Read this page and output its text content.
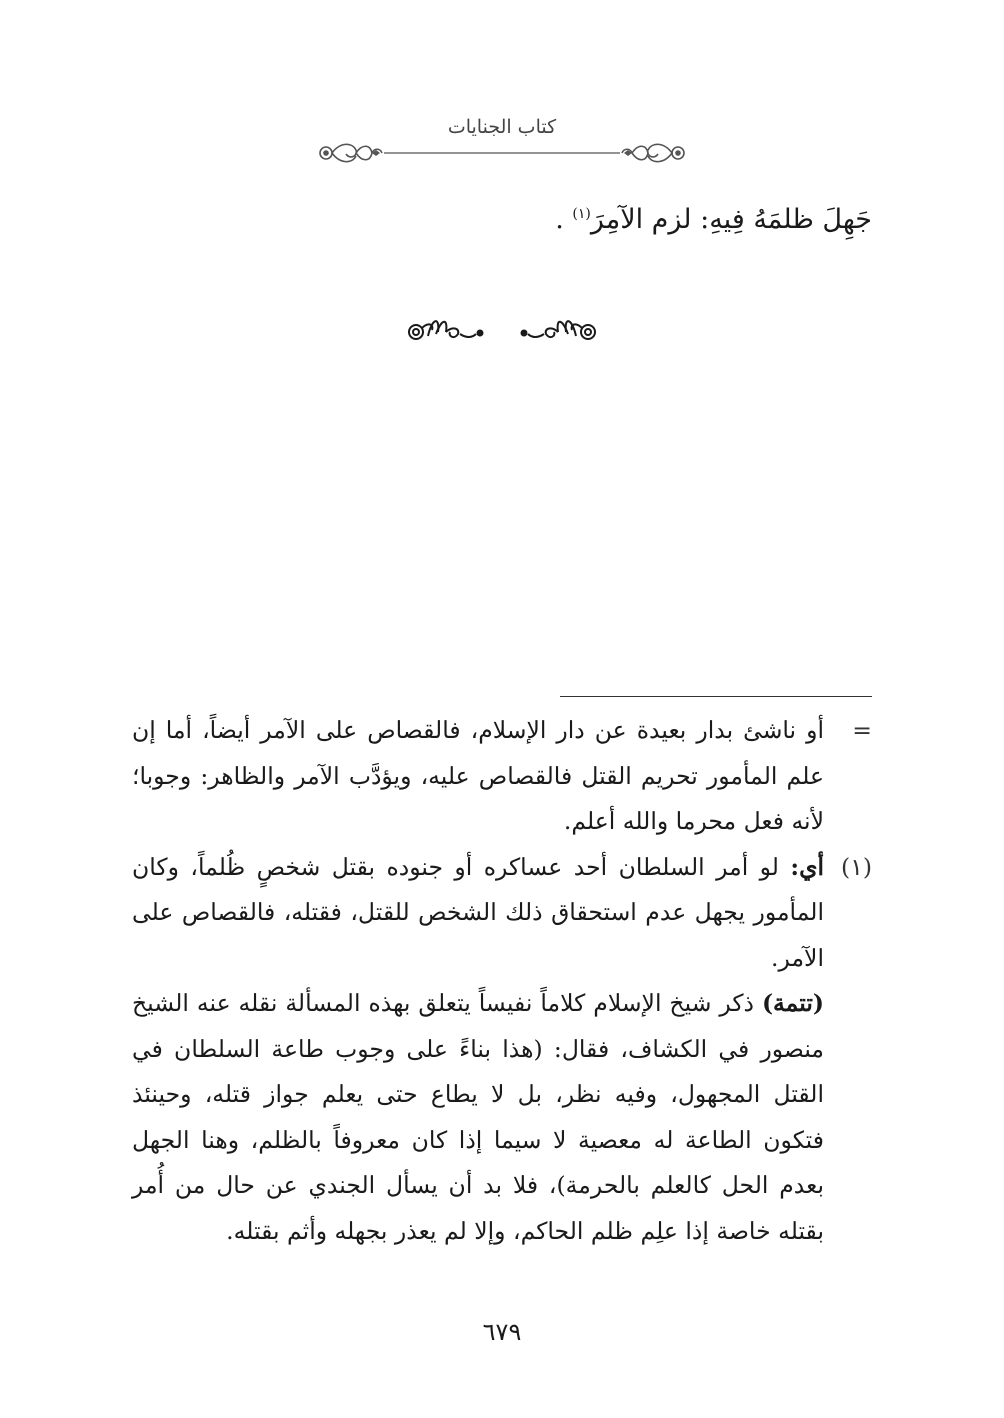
كتاب الجنايات
جَهِلَ ظلمَهُ فِيهِ: لزم الآمِرَ$^{(١)}$ .
=

أو ناشئ بدار بعيدة عن دار الإسلام، فالقصاص على الآمر أيضاً، أما إن علم المأمور تحريم القتل فالقصاص عليه، ويؤدَّب الآمر والظاهر: وجوبا؛ لأنه فعل محرما والله أعلم.

(١)

أي: لو أمر السلطان أحد عساكره أو جنوده بقتل شخصٍ ظُلماً، وكان المأمور يجهل عدم استحقاق ذلك الشخص للقتل، فقتله، فالقصاص على الآمر.

(تتمة) ذكر شيخ الإسلام كلاماً نفيساً يتعلق بهذه المسألة نقله عنه الشيخ منصور في الكشاف، فقال: (هذا بناءً على وجوب طاعة السلطان في القتل المجهول، وفيه نظر، بل لا يطاع حتى يعلم جواز قتله، وحينئذ فتكون الطاعة له معصية لا سيما إذا كان معروفاً بالظلم، وهنا الجهل بعدم الحل كالعلم بالحرمة)، فلا بد أن يسأل الجندي عن حال من أُمر بقتله خاصة إذا علِم ظلم الحاكم، وإلا لم يعذر بجهله وأثم بقتله.

٦٧٩
